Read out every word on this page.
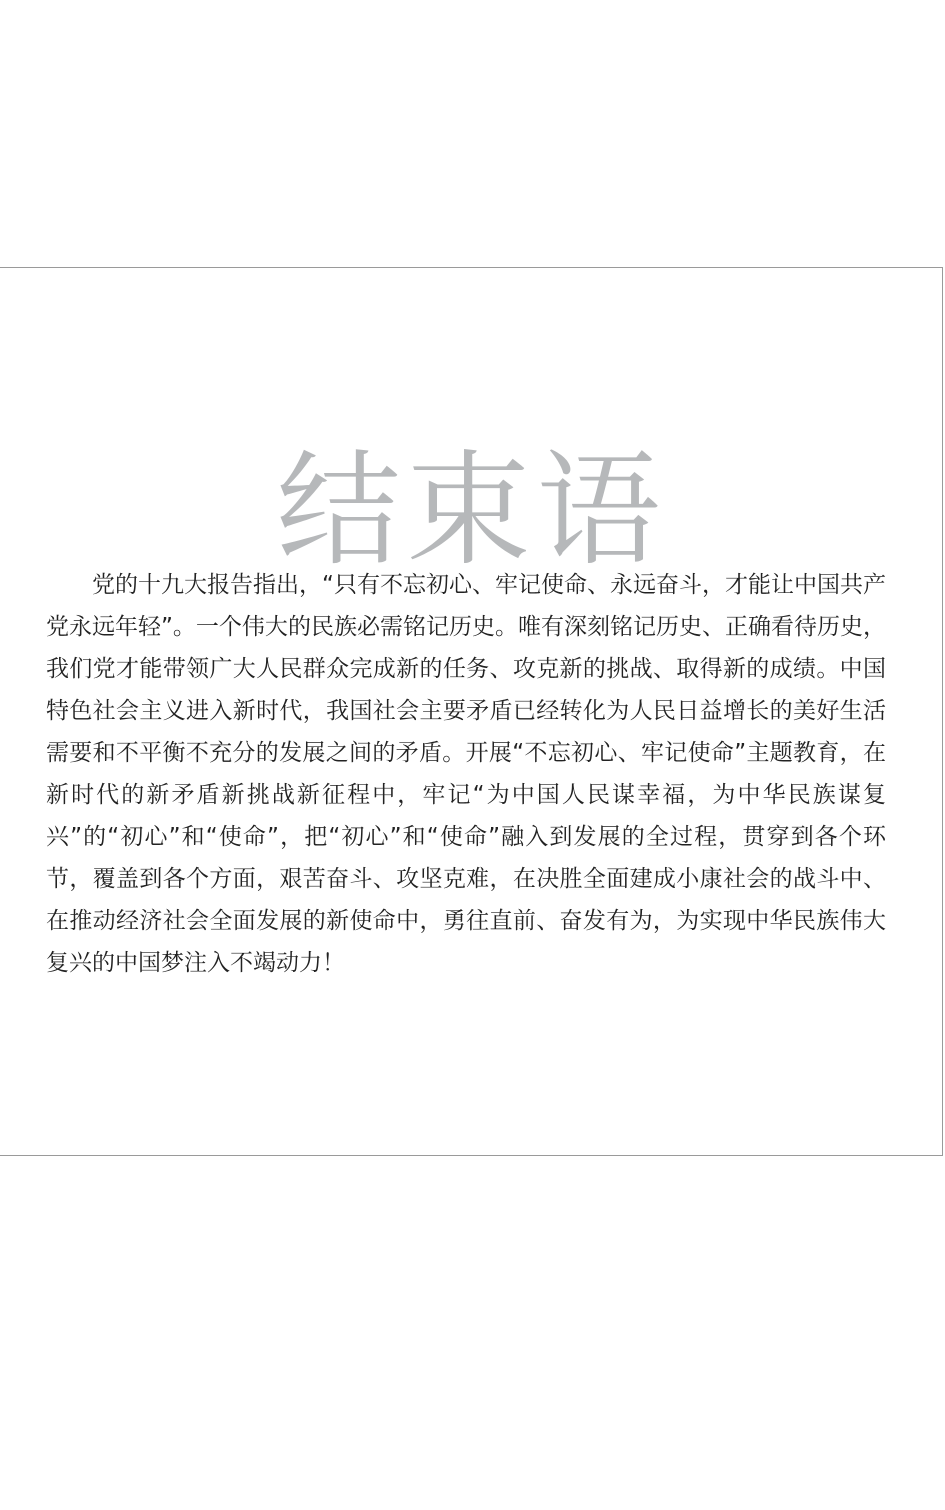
结束语

党的十九大报告指出，“只有不忘初心、牢记使命、永远奋斗，才能让中国共产党永远年轻”。一个伟大的民族必需铭记历史。唯有深刻铭记历史、正确看待历史，我们党才能带领广大人民群众完成新的任务、攻克新的挑战、取得新的成绩。中国特色社会主义进入新时代，我国社会主要矛盾已经转化为人民日益增长的美好生活需要和不平衡不充分的发展之间的矛盾。开展“不忘初心、牢记使命”主题教育，在新时代的新矛盾新挑战新征程中，牢记“为中国人民谋幸福，为中华民族谋复兴”的“初心”和“使命”，把“初心”和“使命”融入到发展的全过程，贯穿到各个环节，覆盖到各个方面，艰苦奋斗、攻坚克难，在决胜全面建成小康社会的战斗中、在推动经济社会全面发展的新使命中，勇往直前、奋发有为，为实现中华民族伟大复兴的中国梦注入不竭动力！
